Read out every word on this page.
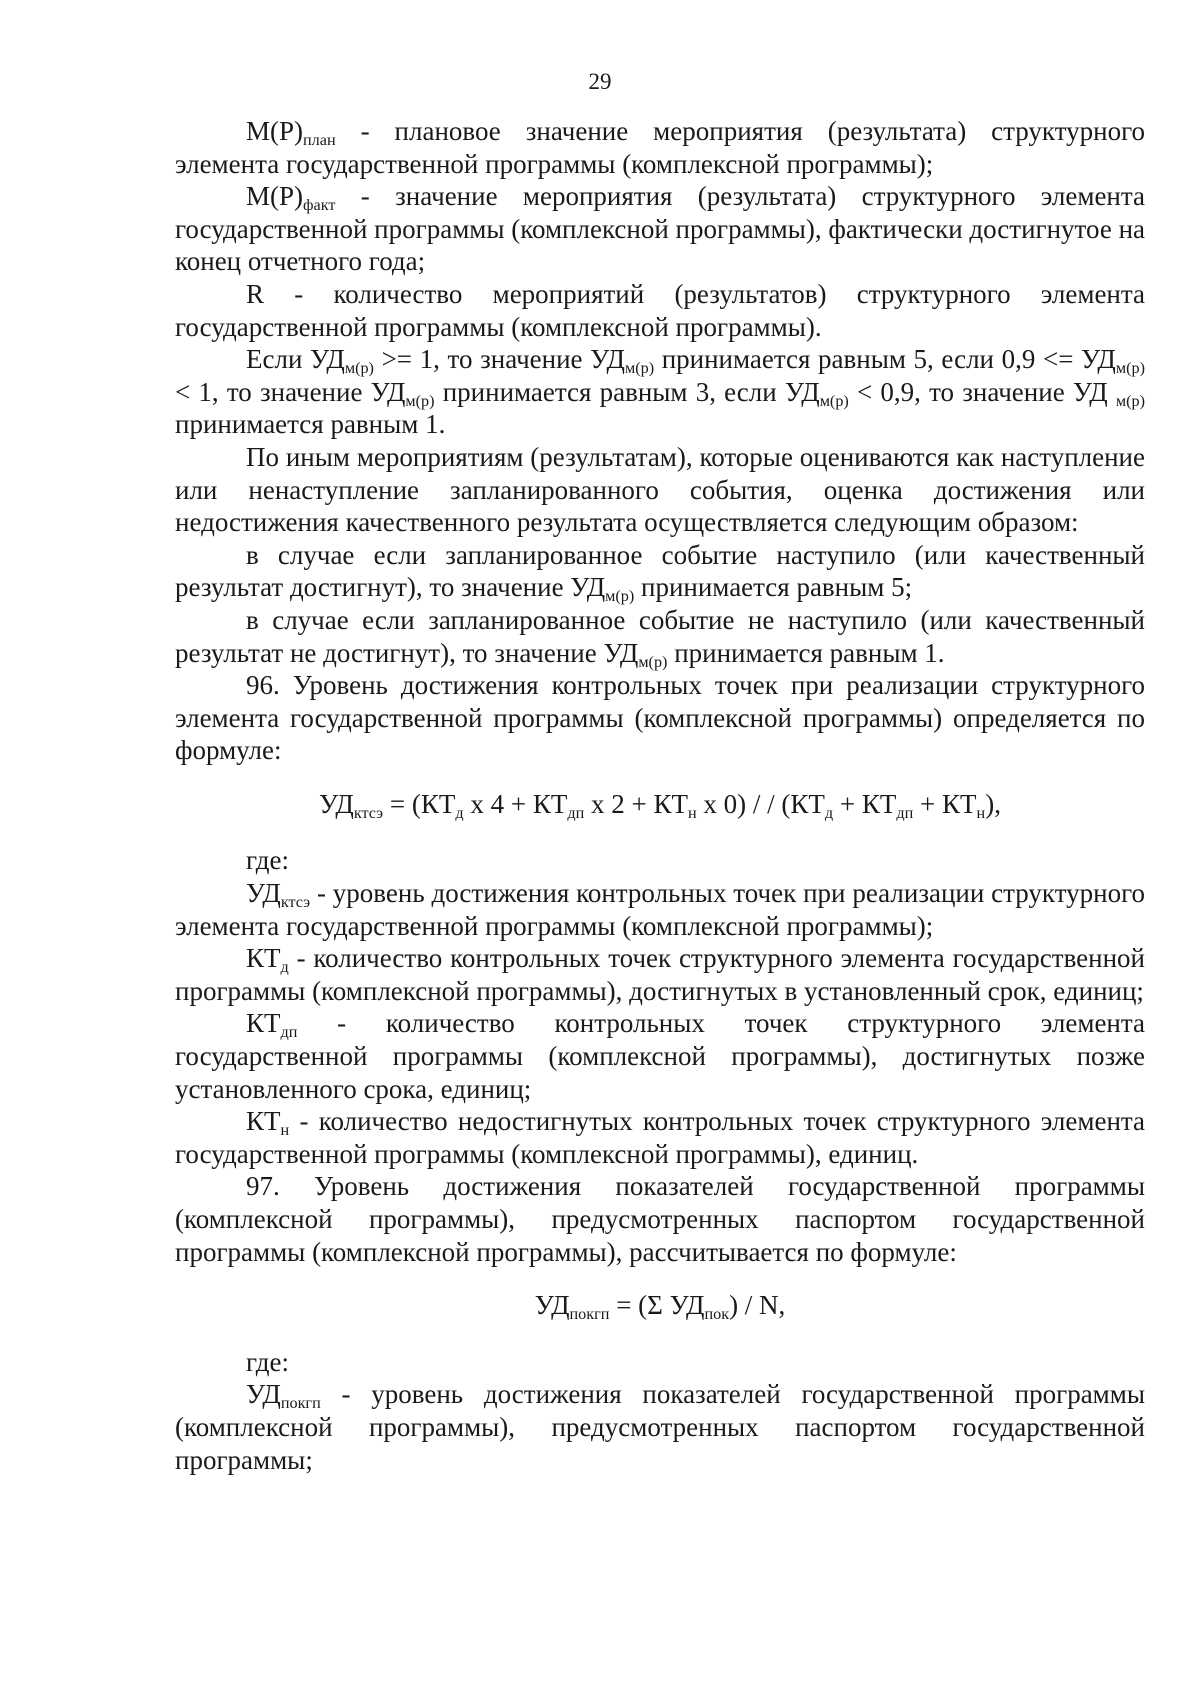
29

$М(Р)_{план}$ - плановое значение мероприятия (результата) структурного элемента государственной программы (комплексной программы);

$М(Р)_{факт}$ - значение мероприятия (результата) структурного элемента государственной программы (комплексной программы), фактически достигнутое на конец отчетного года;

R - количество мероприятий (результатов) структурного элемента государственной программы (комплексной программы).

Если $УД_{м(р)} >= 1$, то значение $УД_{м(р)}$ принимается равным 5, если $0,9 <= УД_{м(р)} < 1$, то значение $УД_{м(р)}$ принимается равным 3, если $УД_{м(р)} < 0,9$, то значение УД $_{м(р)}$ принимается равным 1.

По иным мероприятиям (результатам), которые оцениваются как наступление или ненаступление запланированного события, оценка достижения или недостижения качественного результата осуществляется следующим образом:

в случае если запланированное событие наступило (или качественный результат достигнут), то значение $УД_{м(р)}$ принимается равным 5;

в случае если запланированное событие не наступило (или качественный результат не достигнут), то значение $УД_{м(р)}$ принимается равным 1.

96. Уровень достижения контрольных точек при реализации структурного элемента государственной программы (комплексной программы) определяется по формуле:

$УД_{ктсэ} = (КТ_д$ х $4 + КТ_{дп}$ х $2 + КТ_н$ х 0) / / $(КТ_д + КТ_{дп} + КТ_н)$,

где:

$УД_{ктсэ}$ - уровень достижения контрольных точек при реализации структурного элемента государственной программы (комплексной программы);

$КТ_д$ - количество контрольных точек структурного элемента государственной программы (комплексной программы), достигнутых в установленный срок, единиц;

$КТ_{дп}$ - количество контрольных точек структурного элемента государственной программы (комплексной программы), достигнутых позже установленного срока, единиц;

$КТ_н$ - количество недостигнутых контрольных точек структурного элемента государственной программы (комплексной программы), единиц.

97. Уровень достижения показателей государственной программы (комплексной программы), предусмотренных паспортом государственной программы (комплексной программы), рассчитывается по формуле:

$УД_{покгп} = (\Sigma$ $УД_{пок}$) / N,

где:

$УД_{покгп}$ - уровень достижения показателей государственной программы (комплексной программы), предусмотренных паспортом государственной программы;
